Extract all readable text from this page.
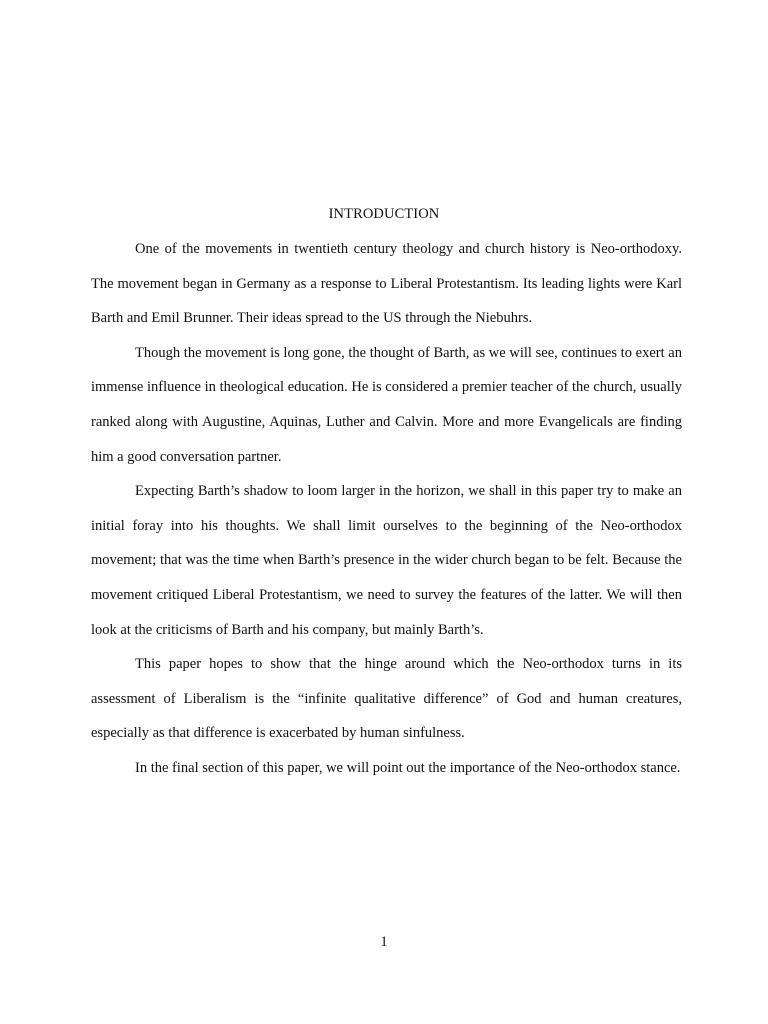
INTRODUCTION

One of the movements in twentieth century theology and church history is Neo-orthodoxy. The movement began in Germany as a response to Liberal Protestantism. Its leading lights were Karl Barth and Emil Brunner. Their ideas spread to the US through the Niebuhrs.

Though the movement is long gone, the thought of Barth, as we will see, continues to exert an immense influence in theological education. He is considered a premier teacher of the church, usually ranked along with Augustine, Aquinas, Luther and Calvin. More and more Evangelicals are finding him a good conversation partner.

Expecting Barth’s shadow to loom larger in the horizon, we shall in this paper try to make an initial foray into his thoughts. We shall limit ourselves to the beginning of the Neo-orthodox movement; that was the time when Barth’s presence in the wider church began to be felt. Because the movement critiqued Liberal Protestantism, we need to survey the features of the latter. We will then look at the criticisms of Barth and his company, but mainly Barth’s.

This paper hopes to show that the hinge around which the Neo-orthodox turns in its assessment of Liberalism is the “infinite qualitative difference” of God and human creatures, especially as that difference is exacerbated by human sinfulness.

In the final section of this paper, we will point out the importance of the Neo-orthodox stance.

1
